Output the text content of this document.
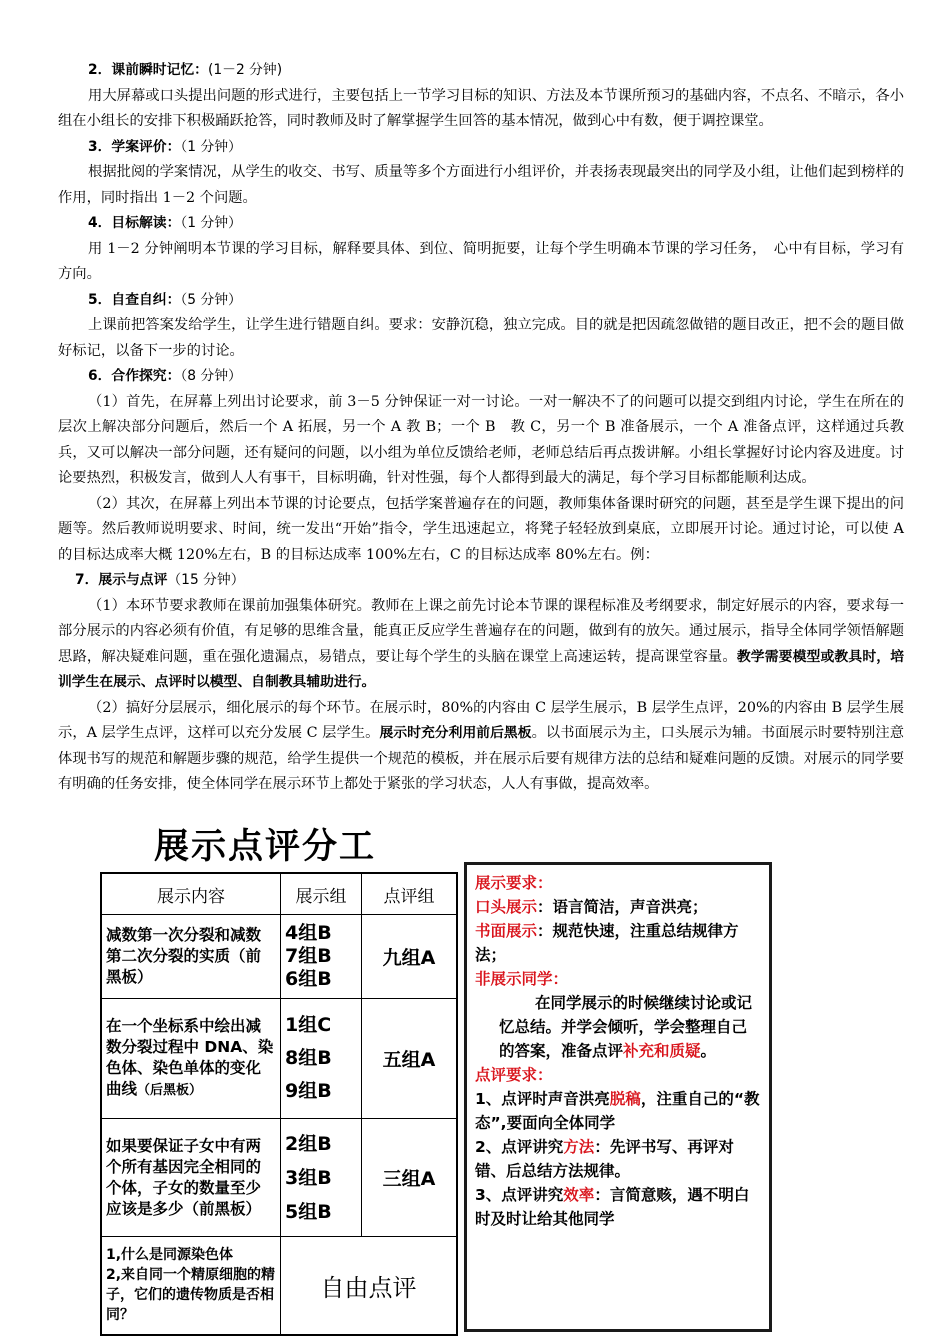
2．课前瞬时记忆：(1－2 分钟)

用大屏幕或口头提出问题的形式进行，主要包括上一节学习目标的知识、方法及本节课所预习的基础内容，不点名、不暗示，各小组在小组长的安排下积极踊跃抢答，同时教师及时了解掌握学生回答的基本情况，做到心中有数，便于调控课堂。

3．学案评价：（1 分钟）

根据批阅的学案情况，从学生的收交、书写、质量等多个方面进行小组评价，并表扬表现最突出的同学及小组，让他们起到榜样的作用，同时指出 1－2 个问题。

4．目标解读：（1 分钟）

用 1－2 分钟阐明本节课的学习目标，解释要具体、到位、简明扼要，让每个学生明确本节课的学习任务，　心中有目标，学习有方向。

5．自查自纠：（5 分钟）

上课前把答案发给学生，让学生进行错题自纠。要求：安静沉稳，独立完成。目的就是把因疏忽做错的题目改正，把不会的题目做好标记，以备下一步的讨论。

6．合作探究：（8 分钟）

（1）首先，在屏幕上列出讨论要求，前 3－5 分钟保证一对一讨论。一对一解决不了的问题可以提交到组内讨论，学生在所在的层次上解决部分问题后，然后一个 A 拓展，另一个 A 教 B；一个 B　教 C，另一个 B 准备展示，一个 A 准备点评，这样通过兵教兵，又可以解决一部分问题，还有疑问的问题，以小组为单位反馈给老师，老师总结后再点拨讲解。小组长掌握好讨论内容及进度。讨论要热烈，积极发言，做到人人有事干，目标明确，针对性强，每个人都得到最大的满足，每个学习目标都能顺利达成。

（2）其次，在屏幕上列出本节课的讨论要点，包括学案普遍存在的问题，教师集体备课时研究的问题，甚至是学生课下提出的问题等。然后教师说明要求、时间，统一发出“开始”指令，学生迅速起立，将凳子轻轻放到桌底，立即展开讨论。通过讨论，可以使 A 的目标达成率大概 120%左右，B 的目标达成率 100%左右，C 的目标达成率 80%左右。例：

7．展示与点评（15 分钟）

（1）本环节要求教师在课前加强集体研究。教师在上课之前先讨论本节课的课程标准及考纲要求，制定好展示的内容，要求每一部分展示的内容必须有价值，有足够的思维含量，能真正反应学生普遍存在的问题，做到有的放矢。通过展示，指导全体同学领悟解题思路，解决疑难问题，重在强化遗漏点，易错点，要让每个学生的头脑在课堂上高速运转，提高课堂容量。教学需要模型或教具时，培训学生在展示、点评时以模型、自制教具辅助进行。

（2）搞好分层展示，细化展示的每个环节。在展示时，80%的内容由 C 层学生展示，B 层学生点评，20%的内容由 B 层学生展示，A 层学生点评，这样可以充分发展 C 层学生。展示时充分利用前后黑板。以书面展示为主，口头展示为辅。书面展示时要特别注意体现书写的规范和解题步骤的规范，给学生提供一个规范的模板，并在展示后要有规律方法的总结和疑难问题的反馈。对展示的同学要有明确的任务安排，使全体同学在展示环节上都处于紧张的学习状态，人人有事做，提高效率。

展示内容	展示组	点评组
减数第一次分裂和减数第二次分裂的实质（前黑板）	4组B
7组B
6组B	九组A
在一个坐标系中绘出减数分裂过程中 DNA、染色体、染色单体的变化曲线（后黑板）	1组C
8组B
9组B	五组A
如果要保证子女中有两个所有基因完全相同的个体，子女的数量至少应该是多少（前黑板）	2组B
3组B
5组B	三组A

1,什么是同源染色体
2,来自同一个精原细胞的精子，它们的遗传物质是否相同？	自由点评	

展示要求：

口头展示：语言简洁，声音洪亮；

书面展示：规范快速，注重总结规律方法；

非展示同学：

在同学展示的时候继续讨论或记忆总结。并学会倾听，学会整理自己的答案，准备点评补充和质疑。

点评要求：

1、点评时声音洪亮脱稿，注重自己的“教态”,要面向全体同学

2、点评讲究方法：先评书写、再评对错、后总结方法规律。

3、点评讲究效率：言简意赅，遇不明白时及时让给其他同学

展示点评分工
